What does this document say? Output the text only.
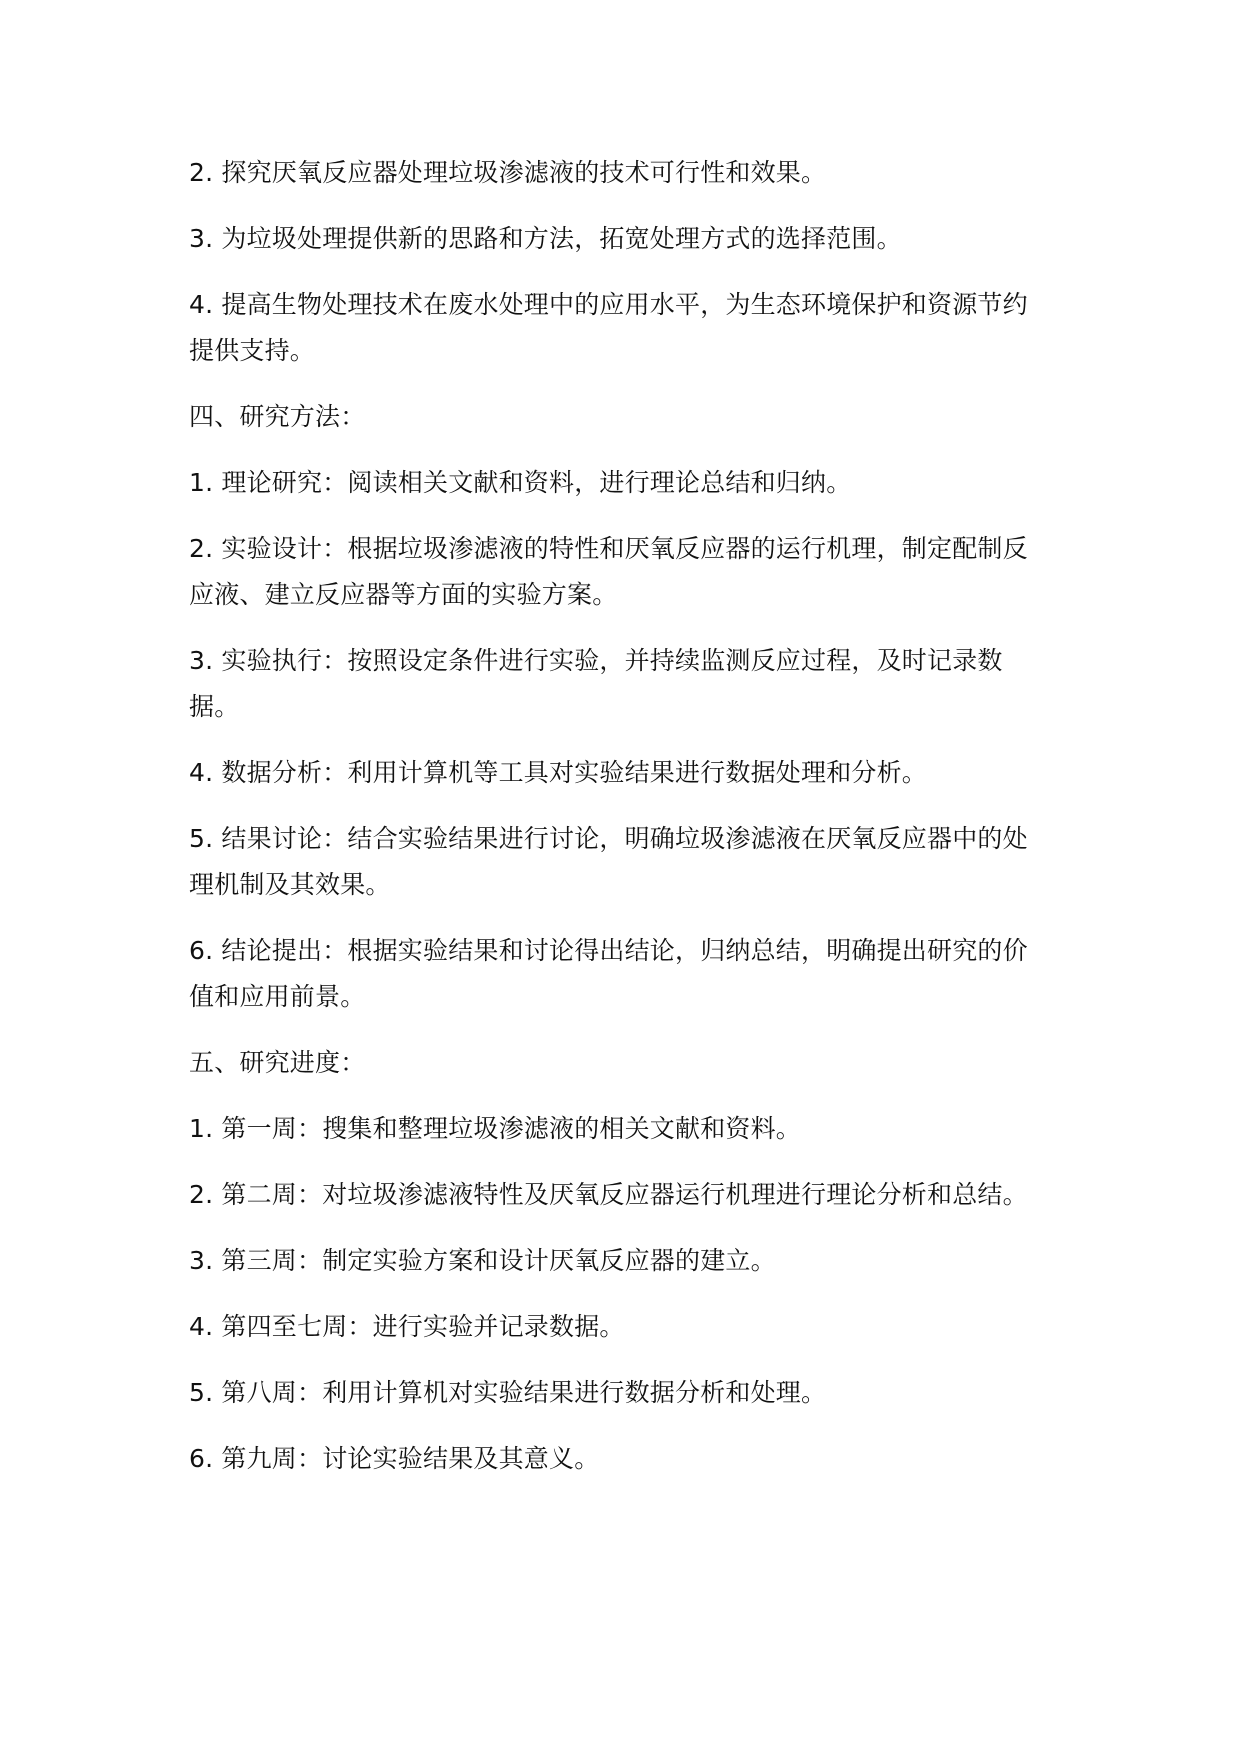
2. 探究厌氧反应器处理垃圾渗滤液的技术可行性和效果。

3. 为垃圾处理提供新的思路和方法，拓宽处理方式的选择范围。

4. 提高生物处理技术在废水处理中的应用水平，为生态环境保护和资源节约提供支持。

四、研究方法：

1. 理论研究：阅读相关文献和资料，进行理论总结和归纳。

2. 实验设计：根据垃圾渗滤液的特性和厌氧反应器的运行机理，制定配制反应液、建立反应器等方面的实验方案。

3. 实验执行：按照设定条件进行实验，并持续监测反应过程，及时记录数据。

4. 数据分析：利用计算机等工具对实验结果进行数据处理和分析。

5. 结果讨论：结合实验结果进行讨论，明确垃圾渗滤液在厌氧反应器中的处理机制及其效果。

6. 结论提出：根据实验结果和讨论得出结论，归纳总结，明确提出研究的价值和应用前景。

五、研究进度：

1. 第一周：搜集和整理垃圾渗滤液的相关文献和资料。

2. 第二周：对垃圾渗滤液特性及厌氧反应器运行机理进行理论分析和总结。

3. 第三周：制定实验方案和设计厌氧反应器的建立。

4. 第四至七周：进行实验并记录数据。

5. 第八周：利用计算机对实验结果进行数据分析和处理。

6. 第九周：讨论实验结果及其意义。
